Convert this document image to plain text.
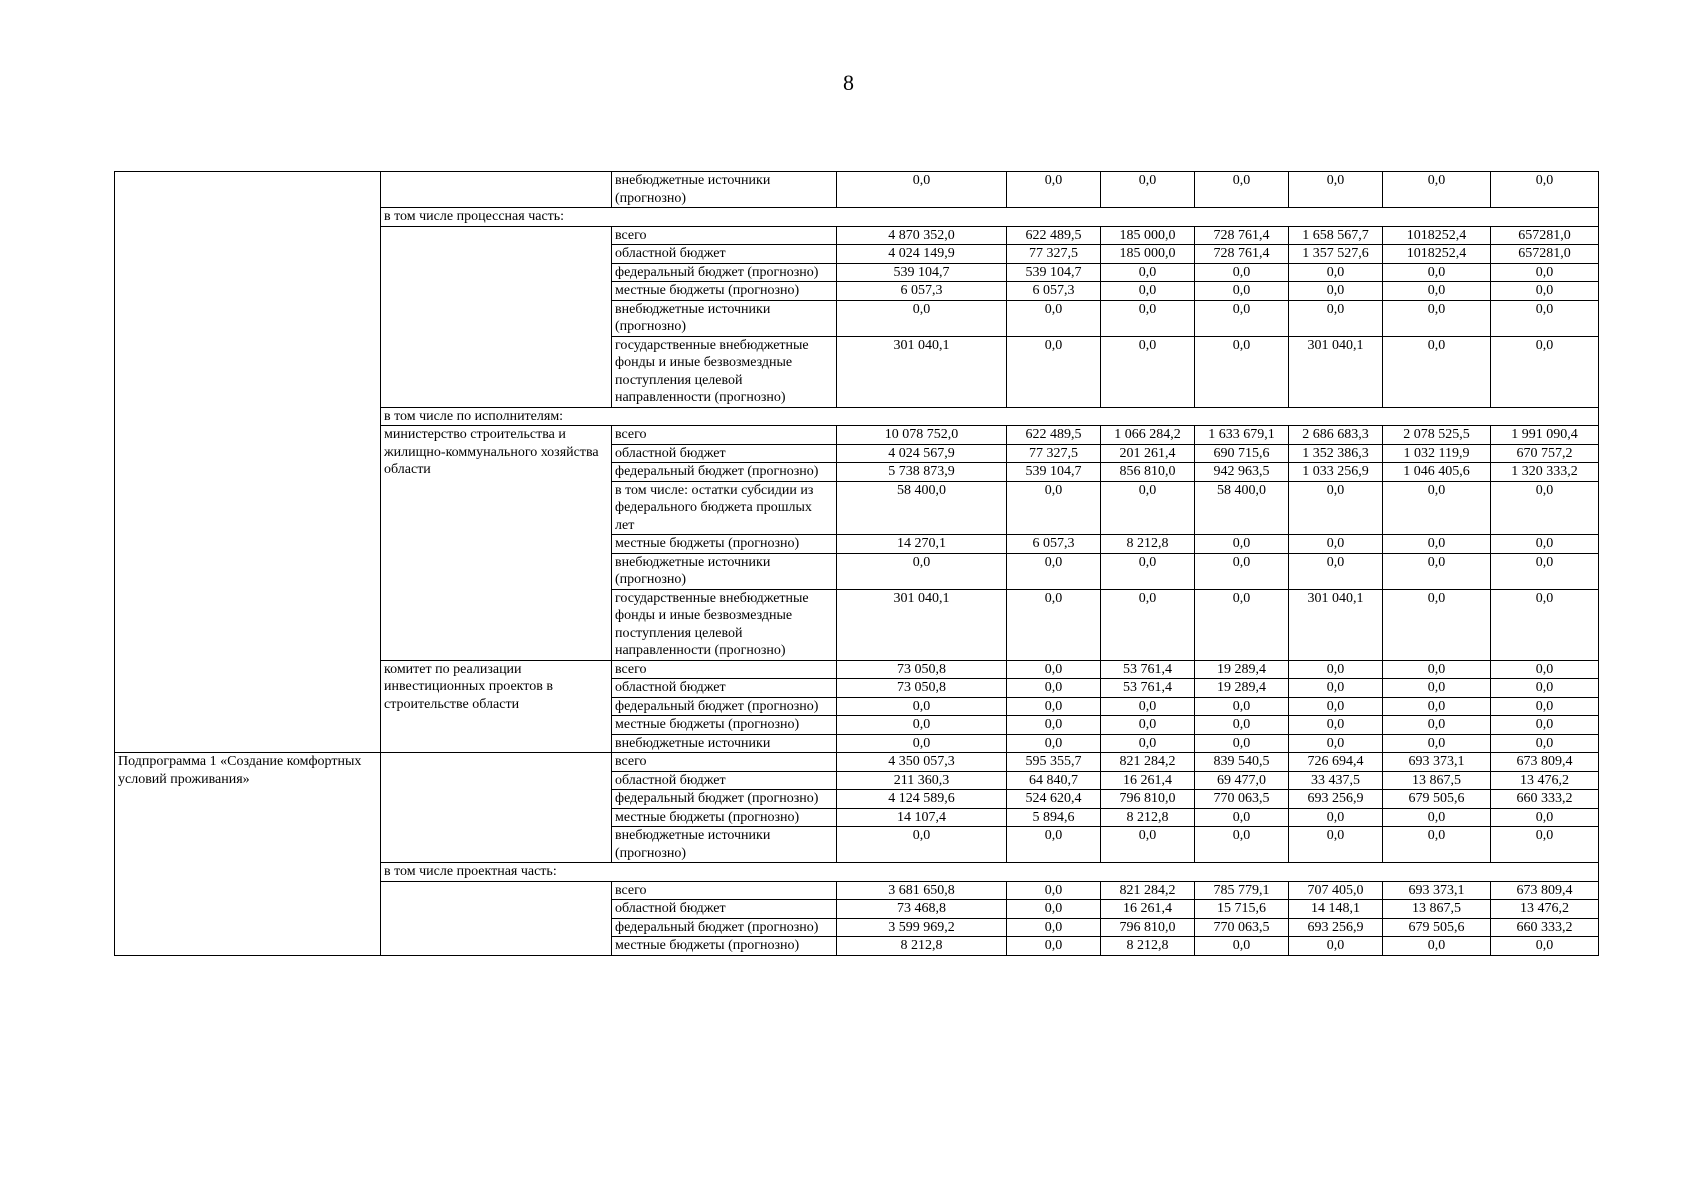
8
		внебюджетные источники (прогнозно)	0,0	0,0	0,0	0,0	0,0	0,0	0,0
	в том числе процессная часть:								
		всего	4 870 352,0	622 489,5	185 000,0	728 761,4	1 658 567,7	1018252,4	657281,0
		областной бюджет	4 024 149,9	77 327,5	185 000,0	728 761,4	1 357 527,6	1018252,4	657281,0
		федеральный бюджет (прогнозно)	539 104,7	539 104,7	0,0	0,0	0,0	0,0	0,0
		местные бюджеты (прогнозно)	6 057,3	6 057,3	0,0	0,0	0,0	0,0	0,0
		внебюджетные источники (прогнозно)	0,0	0,0	0,0	0,0	0,0	0,0	0,0
		государственные внебюджетные фонды и иные безвозмездные поступления целевой направленности (прогнозно)	301 040,1	0,0	0,0	0,0	301 040,1	0,0	0,0
	в том числе по исполнителям:								
	министерство строительства и жилищно-коммунального хозяйства области	всего	10 078 752,0	622 489,5	1 066 284,2	1 633 679,1	2 686 683,3	2 078 525,5	1 991 090,4
		областной бюджет	4 024 567,9	77 327,5	201 261,4	690 715,6	1 352 386,3	1 032 119,9	670 757,2
		федеральный бюджет (прогнозно)	5 738 873,9	539 104,7	856 810,0	942 963,5	1 033 256,9	1 046 405,6	1 320 333,2
		в том числе: остатки субсидии из федерального бюджета прошлых лет	58 400,0	0,0	0,0	58 400,0	0,0	0,0	0,0
		местные бюджеты (прогнозно)	14 270,1	6 057,3	8 212,8	0,0	0,0	0,0	0,0
		внебюджетные источники (прогнозно)	0,0	0,0	0,0	0,0	0,0	0,0	0,0
		государственные внебюджетные фонды и иные безвозмездные поступления целевой направленности (прогнозно)	301 040,1	0,0	0,0	0,0	301 040,1	0,0	0,0
	комитет по реализации инвестиционных проектов в строительстве области	всего	73 050,8	0,0	53 761,4	19 289,4	0,0	0,0	0,0
		областной бюджет	73 050,8	0,0	53 761,4	19 289,4	0,0	0,0	0,0
		федеральный бюджет (прогнозно)	0,0	0,0	0,0	0,0	0,0	0,0	0,0
		местные бюджеты (прогнозно)	0,0	0,0	0,0	0,0	0,0	0,0	0,0
		внебюджетные источники	0,0	0,0	0,0	0,0	0,0	0,0	0,0
Подпрограмма 1 «Создание комфортных условий проживания»		всего	4 350 057,3	595 355,7	821 284,2	839 540,5	726 694,4	693 373,1	673 809,4
		областной бюджет	211 360,3	64 840,7	16 261,4	69 477,0	33 437,5	13 867,5	13 476,2
		федеральный бюджет (прогнозно)	4 124 589,6	524 620,4	796 810,0	770 063,5	693 256,9	679 505,6	660 333,2
		местные бюджеты (прогнозно)	14 107,4	5 894,6	8 212,8	0,0	0,0	0,0	0,0
		внебюджетные источники (прогнозно)	0,0	0,0	0,0	0,0	0,0	0,0	0,0
	в том числе проектная часть:								
		всего	3 681 650,8	0,0	821 284,2	785 779,1	707 405,0	693 373,1	673 809,4
		областной бюджет	73 468,8	0,0	16 261,4	15 715,6	14 148,1	13 867,5	13 476,2
		федеральный бюджет (прогнозно)	3 599 969,2	0,0	796 810,0	770 063,5	693 256,9	679 505,6	660 333,2
		местные бюджеты (прогнозно)	8 212,8	0,0	8 212,8	0,0	0,0	0,0	0,0
